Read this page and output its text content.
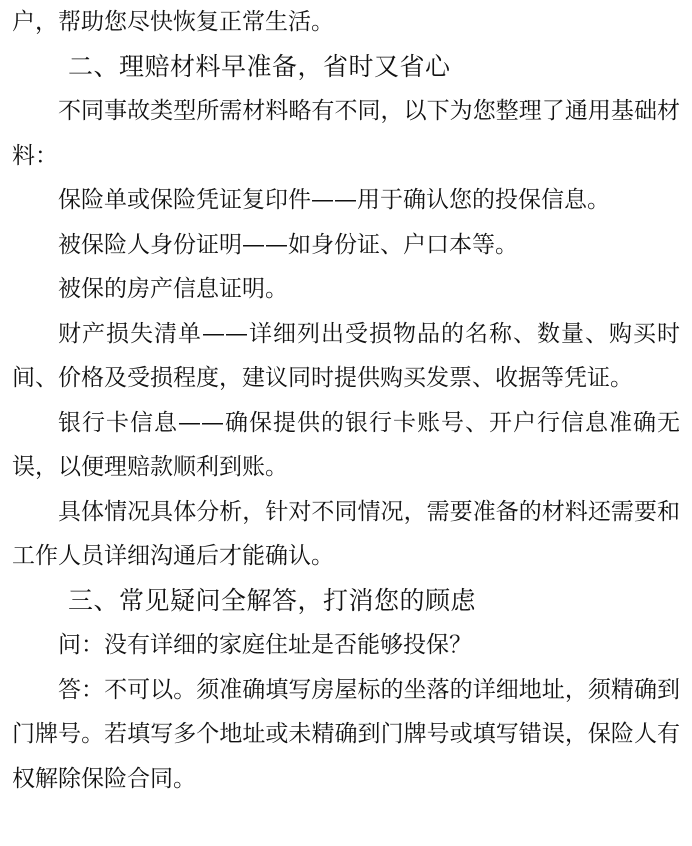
户，帮助您尽快恢复正常生活。

二、理赔材料早准备，省时又省心

不同事故类型所需材料略有不同，以下为您整理了通用基础材料：

保险单或保险凭证复印件——用于确认您的投保信息。

被保险人身份证明——如身份证、户口本等。

被保的房产信息证明。

财产损失清单——详细列出受损物品的名称、数量、购买时间、价格及受损程度，建议同时提供购买发票、收据等凭证。

银行卡信息——确保提供的银行卡账号、开户行信息准确无误，以便理赔款顺利到账。

具体情况具体分析，针对不同情况，需要准备的材料还需要和工作人员详细沟通后才能确认。

三、常见疑问全解答，打消您的顾虑

问：没有详细的家庭住址是否能够投保？

答：不可以。须准确填写房屋标的坐落的详细地址，须精确到门牌号。若填写多个地址或未精确到门牌号或填写错误，保险人有权解除保险合同。
